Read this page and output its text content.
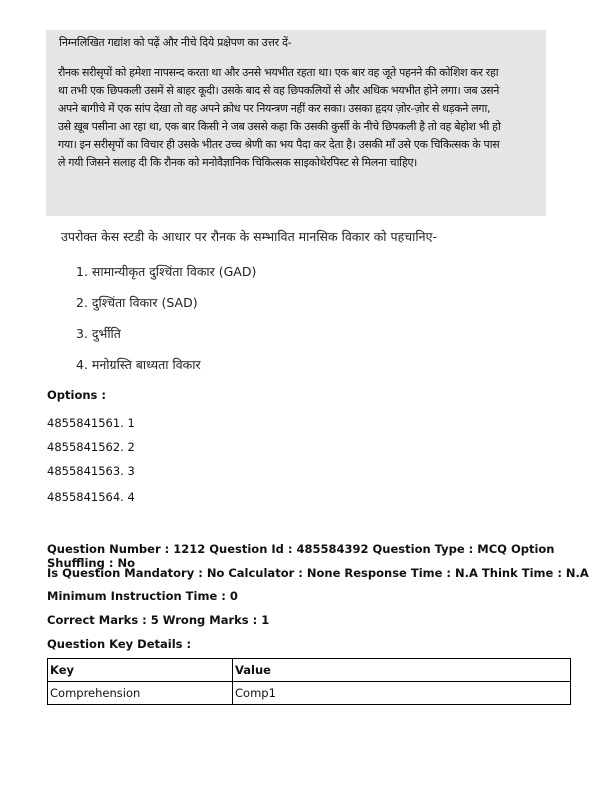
निम्नलिखित गद्यांश को पढ़ें और नीचे दिये प्रक्षेपण का उत्तर दें-
रौनक सरीसृपों को हमेशा नापसन्द करता था और उनसे भयभीत रहता था। एक बार वह जूते पहनने की कोशिश कर रहा
था तभी एक छिपकली उसमें से बाहर कूदी। उसके बाद से वह छिपकलियों से और अधिक भयभीत होने लगा। जब उसने
अपने बागीचे में एक सांप देखा तो वह अपने क्रोध पर नियन्त्रण नहीं कर सका। उसका हृदय ज़ोर-ज़ोर से धड़कने लगा,
उसे ख़ूब पसीना आ रहा था, एक बार किसी ने जब उससे कहा कि उसकी कुर्सी के नीचे छिपकली है तो वह बेहोश भी हो
गया। इन सरीसृपों का विचार ही उसके भीतर उच्च श्रेणी का भय पैदा कर देता है। उसकी माँ उसे एक चिकित्सक के पास
ले गयी जिसने सलाह दी कि रौनक को मनोवैज्ञानिक चिकित्सक साइकोथेरपिस्ट से मिलना चाहिए।
उपरोक्त केस स्टडी के आधार पर रौनक के सम्भावित मानसिक विकार को पहचानिए-
1. सामान्यीकृत दुश्चिंता विकार (GAD)
2. दुश्चिंता विकार (SAD)
3. दुर्भीति
4. मनोग्रस्ति बाध्यता विकार
Options :
4855841561. 1
4855841562. 2
4855841563. 3
4855841564. 4
Question Number : 1212 Question Id : 485584392 Question Type : MCQ Option Shuffling : No
Is Question Mandatory : No Calculator : None Response Time : N.A Think Time : N.A
Minimum Instruction Time : 0
Correct Marks : 5 Wrong Marks : 1
Question Key Details :
Key	Value
Comprehension	Comp1
